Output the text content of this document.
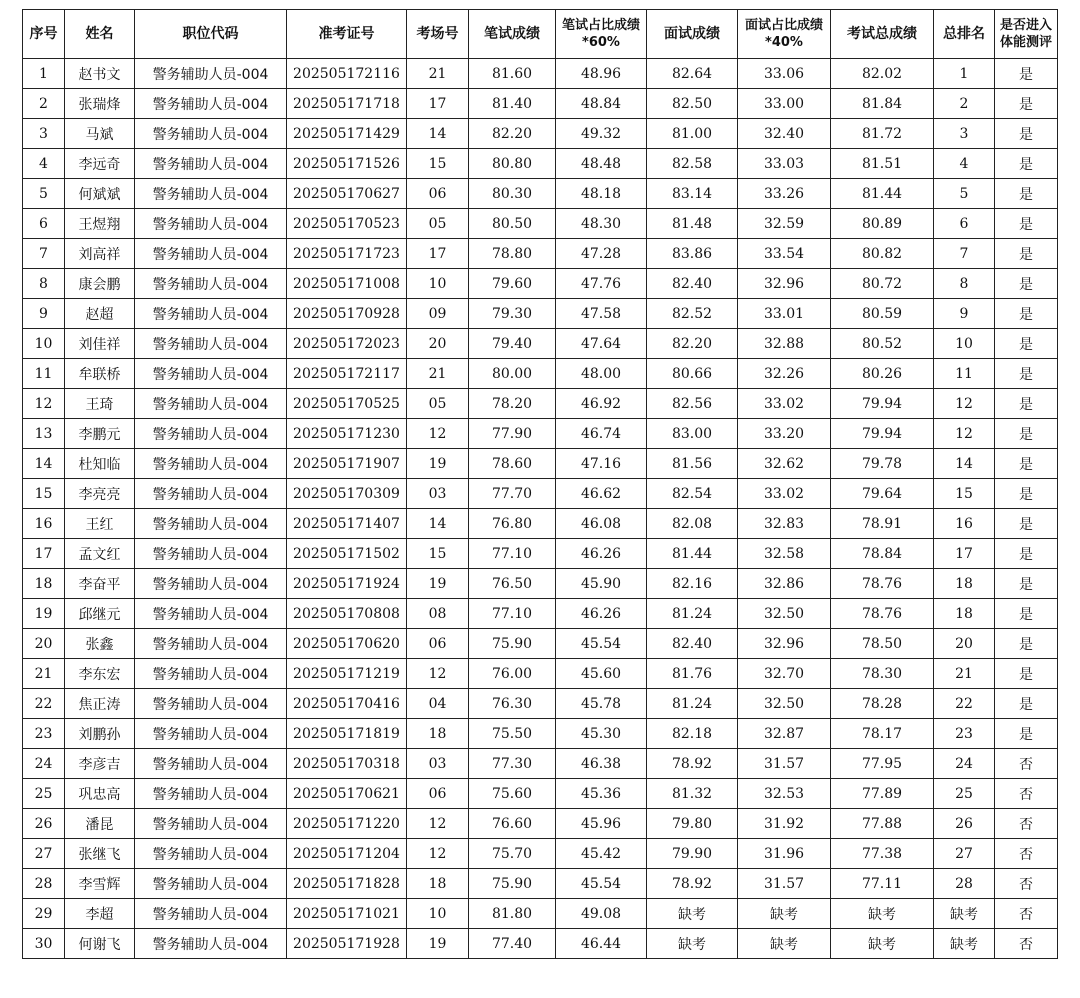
序号	姓名	职位代码	准考证号	考场号	笔试成绩	笔试占比成绩*60%	面试成绩	面试占比成绩*40%	考试总成绩	总排名	是否进入体能测评
1	赵书文	警务辅助人员-004	202505172116	21	81.60	48.96	82.64	33.06	82.02	1	是
2	张瑞烽	警务辅助人员-004	202505171718	17	81.40	48.84	82.50	33.00	81.84	2	是
3	马斌	警务辅助人员-004	202505171429	14	82.20	49.32	81.00	32.40	81.72	3	是
4	李远奇	警务辅助人员-004	202505171526	15	80.80	48.48	82.58	33.03	81.51	4	是
5	何斌斌	警务辅助人员-004	202505170627	06	80.30	48.18	83.14	33.26	81.44	5	是
6	王煜翔	警务辅助人员-004	202505170523	05	80.50	48.30	81.48	32.59	80.89	6	是
7	刘高祥	警务辅助人员-004	202505171723	17	78.80	47.28	83.86	33.54	80.82	7	是
8	康会鹏	警务辅助人员-004	202505171008	10	79.60	47.76	82.40	32.96	80.72	8	是
9	赵超	警务辅助人员-004	202505170928	09	79.30	47.58	82.52	33.01	80.59	9	是
10	刘佳祥	警务辅助人员-004	202505172023	20	79.40	47.64	82.20	32.88	80.52	10	是
11	牟联桥	警务辅助人员-004	202505172117	21	80.00	48.00	80.66	32.26	80.26	11	是
12	王琦	警务辅助人员-004	202505170525	05	78.20	46.92	82.56	33.02	79.94	12	是
13	李鹏元	警务辅助人员-004	202505171230	12	77.90	46.74	83.00	33.20	79.94	12	是
14	杜知临	警务辅助人员-004	202505171907	19	78.60	47.16	81.56	32.62	79.78	14	是
15	李亮亮	警务辅助人员-004	202505170309	03	77.70	46.62	82.54	33.02	79.64	15	是
16	王红	警务辅助人员-004	202505171407	14	76.80	46.08	82.08	32.83	78.91	16	是
17	孟文红	警务辅助人员-004	202505171502	15	77.10	46.26	81.44	32.58	78.84	17	是
18	李奋平	警务辅助人员-004	202505171924	19	76.50	45.90	82.16	32.86	78.76	18	是
19	邱继元	警务辅助人员-004	202505170808	08	77.10	46.26	81.24	32.50	78.76	18	是
20	张鑫	警务辅助人员-004	202505170620	06	75.90	45.54	82.40	32.96	78.50	20	是
21	李东宏	警务辅助人员-004	202505171219	12	76.00	45.60	81.76	32.70	78.30	21	是
22	焦正涛	警务辅助人员-004	202505170416	04	76.30	45.78	81.24	32.50	78.28	22	是
23	刘鹏孙	警务辅助人员-004	202505171819	18	75.50	45.30	82.18	32.87	78.17	23	是
24	李彦吉	警务辅助人员-004	202505170318	03	77.30	46.38	78.92	31.57	77.95	24	否
25	巩忠高	警务辅助人员-004	202505170621	06	75.60	45.36	81.32	32.53	77.89	25	否
26	潘昆	警务辅助人员-004	202505171220	12	76.60	45.96	79.80	31.92	77.88	26	否
27	张继飞	警务辅助人员-004	202505171204	12	75.70	45.42	79.90	31.96	77.38	27	否
28	李雪辉	警务辅助人员-004	202505171828	18	75.90	45.54	78.92	31.57	77.11	28	否
29	李超	警务辅助人员-004	202505171021	10	81.80	49.08	缺考	缺考	缺考	缺考	否
30	何谢飞	警务辅助人员-004	202505171928	19	77.40	46.44	缺考	缺考	缺考	缺考	否
